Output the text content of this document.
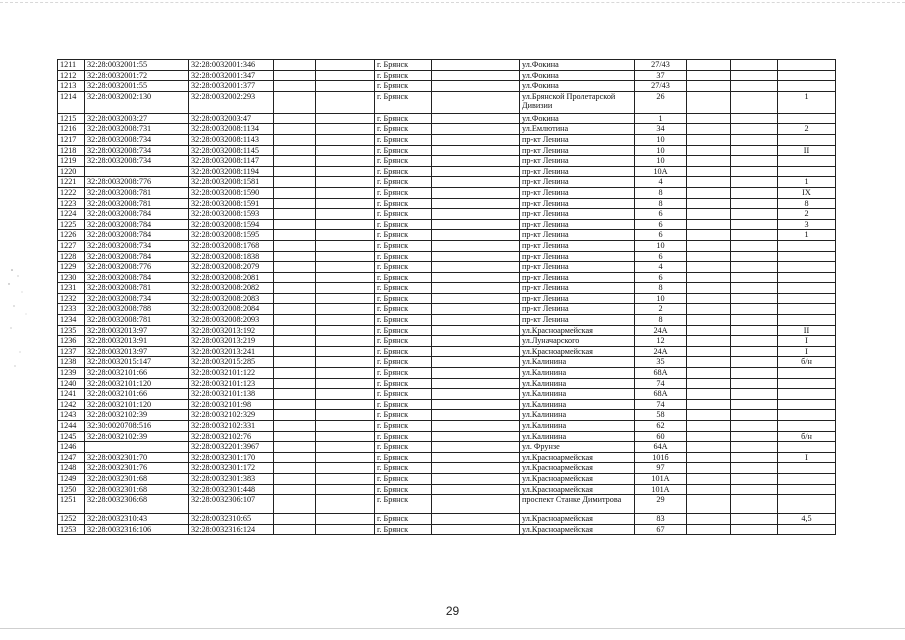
1211	32:28:0032001:55	32:28:0032001:346			г. Брянск		ул.Фокина	27/43			
1212	32:28:0032001:72	32:28:0032001:347			г. Брянск		ул.Фокина	37			
1213	32:28:0032001:55	32:28:0032001:377			г. Брянск		ул.Фокина	27/43			
1214	32:28:0032002:130	32:28:0032002:293			г. Брянск		ул.Брянской Пролетарской Дивизии	26			1
1215	32:28:0032003:27	32:28:0032003:47			г. Брянск		ул.Фокина	1			
1216	32:28:0032008:731	32:28:0032008:1134			г. Брянск		ул.Емлютина	34			2
1217	32:28:0032008:734	32:28:0032008:1143			г. Брянск		пр-кт Ленина	10			
1218	32:28:0032008:734	32:28:0032008:1145			г. Брянск		пр-кт Ленина	10			II
1219	32:28:0032008:734	32:28:0032008:1147			г. Брянск		пр-кт Ленина	10			
1220		32:28:0032008:1194			г. Брянск		пр-кт Ленина	10А			
1221	32:28:0032008:776	32:28:0032008:1581			г. Брянск		пр-кт Ленина	4			1
1222	32:28:0032008:781	32:28:0032008:1590			г. Брянск		пр-кт Ленина	8			IX
1223	32:28:0032008:781	32:28:0032008:1591			г. Брянск		пр-кт Ленина	8			8
1224	32:28:0032008:784	32:28:0032008:1593			г. Брянск		пр-кт Ленина	6			2
1225	32:28:0032008:784	32:28:0032008:1594			г. Брянск		пр-кт Ленина	6			3
1226	32:28:0032008:784	32:28:0032008:1595			г. Брянск		пр-кт Ленина	6			1
1227	32:28:0032008:734	32:28:0032008:1768			г. Брянск		пр-кт Ленина	10			
1228	32:28:0032008:784	32:28:0032008:1838			г. Брянск		пр-кт Ленина	6			
1229	32:28:0032008:776	32:28:0032008:2079			г. Брянск		пр-кт Ленина	4			
1230	32:28:0032008:784	32:28:0032008:2081			г. Брянск		пр-кт Ленина	6			
1231	32:28:0032008:781	32:28:0032008:2082			г. Брянск		пр-кт Ленина	8			
1232	32:28:0032008:734	32:28:0032008:2083			г. Брянск		пр-кт Ленина	10			
1233	32:28:0032008:788	32:28:0032008:2084			г. Брянск		пр-кт Ленина	2			
1234	32:28:0032008:781	32:28:0032008:2093			г. Брянск		пр-кт Ленина	8			
1235	32:28:0032013:97	32:28:0032013:192			г. Брянск		ул.Красноармейская	24А			II
1236	32:28:0032013:91	32:28:0032013:219			г. Брянск		ул.Луначарского	12			I
1237	32:28:0032013:97	32:28:0032013:241			г. Брянск		ул.Красноармейская	24А			I
1238	32:28:0032015:147	32:28:0032015:285			г. Брянск		ул.Калинина	35			б/н
1239	32:28:0032101:66	32:28:0032101:122			г. Брянск		ул.Калинина	68А			
1240	32:28:0032101:120	32:28:0032101:123			г. Брянск		ул.Калинина	74			
1241	32:28:0032101:66	32:28:0032101:138			г. Брянск		ул.Калинина	68А			
1242	32:28:0032101:120	32:28:0032101:98			г. Брянск		ул.Калинина	74			
1243	32:28:0032102:39	32:28:0032102:329			г. Брянск		ул.Калинина	58			
1244	32:30:0020708:516	32:28:0032102:331			г. Брянск		ул.Калинина	62			
1245	32:28:0032102:39	32:28:0032102:76			г. Брянск		ул.Калинина	60			б/н
1246		32:28:0032201:3967			г. Брянск		ул. Фрунзе	64А			
1247	32:28:0032301:70	32:28:0032301:170			г. Брянск		ул.Красноармейская	101б			I
1248	32:28:0032301:76	32:28:0032301:172			г. Брянск		ул.Красноармейская	97			
1249	32:28:0032301:68	32:28:0032301:383			г. Брянск		ул.Красноармейская	101А			
1250	32:28:0032301:68	32:28:0032301:448			г. Брянск		ул.Красноармейская	101А			
1251	32:28:0032306:68	32:28:0032306:107			г. Брянск		проспект Станке Димитрова	29			
1252	32:28:0032310:43	32:28:0032310:65			г. Брянск		ул.Красноармейская	83			4,5
1253	32:28:0032316:106	32:28:0032316:124			г. Брянск		ул.Красноармейская	67			
29
